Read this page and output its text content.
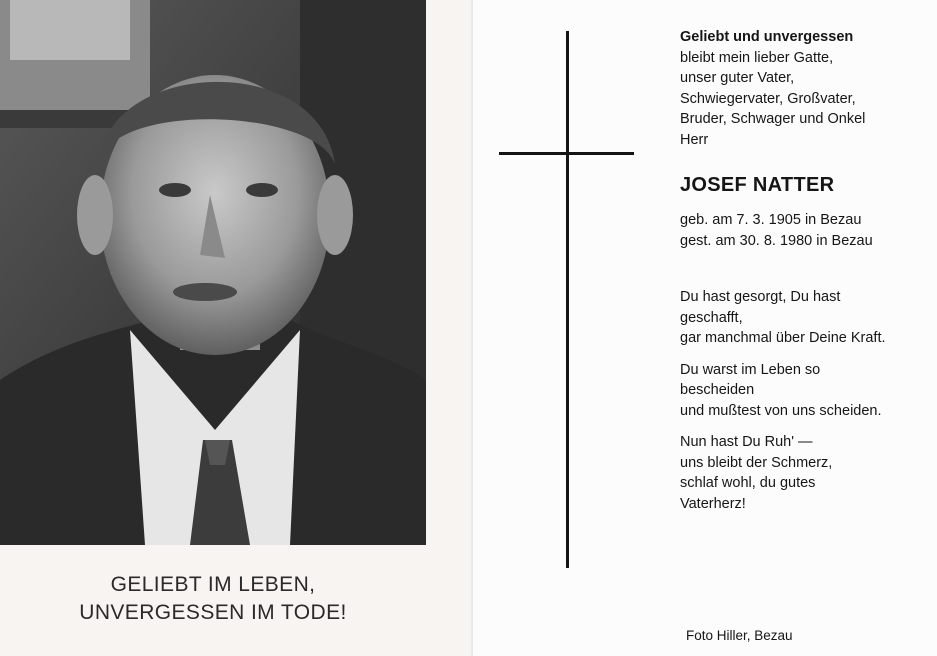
GELIEBT IM LEBEN,
UNVERGESSEN IM TODE!
Geliebt und unvergessen
bleibt mein lieber Gatte,
unser guter Vater,
Schwiegervater, Großvater,
Bruder, Schwager und Onkel
Herr
JOSEF NATTER
geb. am 7. 3. 1905 in Bezau
gest. am 30. 8. 1980 in Bezau
Du hast gesorgt, Du hast
geschafft,
gar manchmal über Deine Kraft.
Du warst im Leben so
bescheiden
und mußtest von uns scheiden.
Nun hast Du Ruh' —
uns bleibt der Schmerz,
schlaf wohl, du gutes
Vaterherz!
Foto Hiller, Bezau
